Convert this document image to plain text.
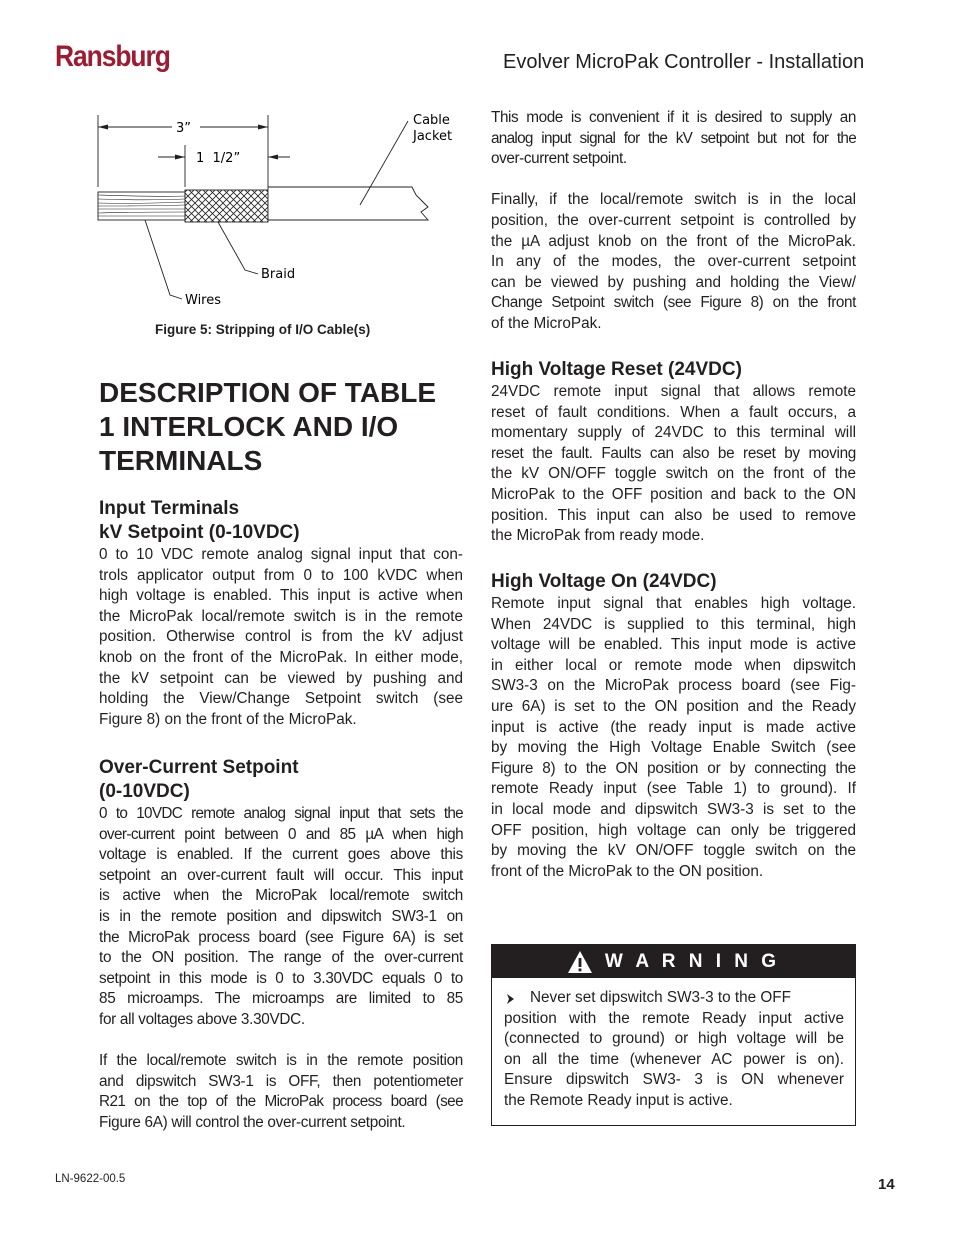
Ransburg	Evolver MicroPak Controller - Installation
3”
1  1/2”
Cable
Jacket
Braid
Wires
Figure 5: Stripping of I/O Cable(s)
DESCRIPTION OF TABLE
1 INTERLOCK AND I/O
TERMINALS
Input Terminals
kV Setpoint (0-10VDC)
0 to 10 VDC remote analog signal input that con-
trols applicator output from 0 to 100 kVDC when
high voltage is enabled. This input is active when
the MicroPak local/remote switch is in the remote
position. Otherwise control is from the kV adjust
knob on the front of the MicroPak. In either mode,
the kV setpoint can be viewed by pushing and
holding the View/Change Setpoint switch (see
Figure 8) on the front of the MicroPak.
Over-Current Setpoint
(0-10VDC)
0 to 10VDC remote analog signal input that sets the
over-current point between 0 and 85 µA when high
voltage is enabled. If the current goes above this
setpoint an over-current fault will occur. This input
is active when the MicroPak local/remote switch
is in the remote position and dipswitch SW3-1 on
the MicroPak process board (see Figure 6A) is set
to the ON position. The range of the over-current
setpoint in this mode is 0 to 3.30VDC equals 0 to
85 microamps. The microamps are limited to 85
for all voltages above 3.30VDC.
If the local/remote switch is in the remote position
and dipswitch SW3-1 is OFF, then potentiometer
R21 on the top of the MicroPak process board (see
Figure 6A) will control the over-current setpoint.
This mode is convenient if it is desired to supply an
analog input signal for the kV setpoint but not for the
over-current setpoint.
Finally, if the local/remote switch is in the local
position, the over-current setpoint is controlled by
the µA adjust knob on the front of the MicroPak.
In any of the modes, the over-current setpoint
can be viewed by pushing and holding the View/
Change Setpoint switch (see Figure 8) on the front
of the MicroPak.
High Voltage Reset (24VDC)
24VDC remote input signal that allows remote
reset of fault conditions. When a fault occurs, a
momentary supply of 24VDC to this terminal will
reset the fault. Faults can also be reset by moving
the kV ON/OFF toggle switch on the front of the
MicroPak to the OFF position and back to the ON
position. This input can also be used to remove
the MicroPak from ready mode.
High Voltage On (24VDC)
Remote input signal that enables high voltage.
When 24VDC is supplied to this terminal, high
voltage will be enabled. This input mode is active
in either local or remote mode when dipswitch
SW3-3 on the MicroPak process board (see Fig-
ure 6A) is set to the ON position and the Ready
input is active (the ready input is made active
by moving the High Voltage Enable Switch (see
Figure 8) to the ON position or by connecting the
remote Ready input (see Table 1) to ground). If
in local mode and dipswitch SW3-3 is set to the
OFF position, high voltage can only be triggered
by moving the kV ON/OFF toggle switch on the
front of the MicroPak to the ON position.
W A R N I N G
Never set dipswitch SW3-3 to the OFF
position with the remote Ready input active
(connected to ground) or high voltage will be
on all the time (whenever AC power is on).
Ensure dipswitch SW3- 3 is ON whenever
the Remote Ready input is active.
LN-9622-00.5	14
